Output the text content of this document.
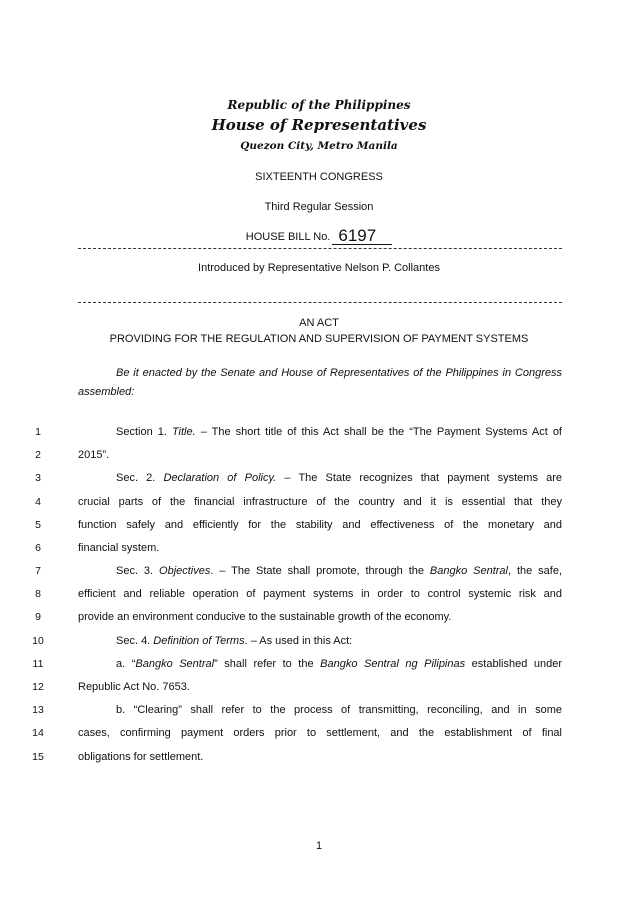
Republic of the Philippines
House of Representatives
Quezon City, Metro Manila
SIXTEENTH CONGRESS
Third Regular Session
HOUSE BILL No. 6197
Introduced by Representative Nelson P. Collantes
AN ACT
PROVIDING FOR THE REGULATION AND SUPERVISION OF PAYMENT SYSTEMS
Be it enacted by the Senate and House of Representatives of the Philippines in Congress assembled:
1
2
3
4
5
6
7
8
9
10
11
12
13
14
15
Section 1. Title. – The short title of this Act shall be the “The Payment Systems Act of
2015”.
Sec. 2. Declaration of Policy. – The State recognizes that payment systems are
crucial parts of the financial infrastructure of the country and it is essential that they
function safely and efficiently for the stability and effectiveness of the monetary and
financial system.
Sec. 3. Objectives. – The State shall promote, through the Bangko Sentral, the safe,
efficient and reliable operation of payment systems in order to control systemic risk and
provide an environment conducive to the sustainable growth of the economy.
Sec. 4. Definition of Terms. – As used in this Act:
a. “Bangko Sentral” shall refer to the Bangko Sentral ng Pilipinas established under
Republic Act No. 7653.
b. “Clearing” shall refer to the process of transmitting, reconciling, and in some
cases, confirming payment orders prior to settlement, and the establishment of final
obligations for settlement.
1
